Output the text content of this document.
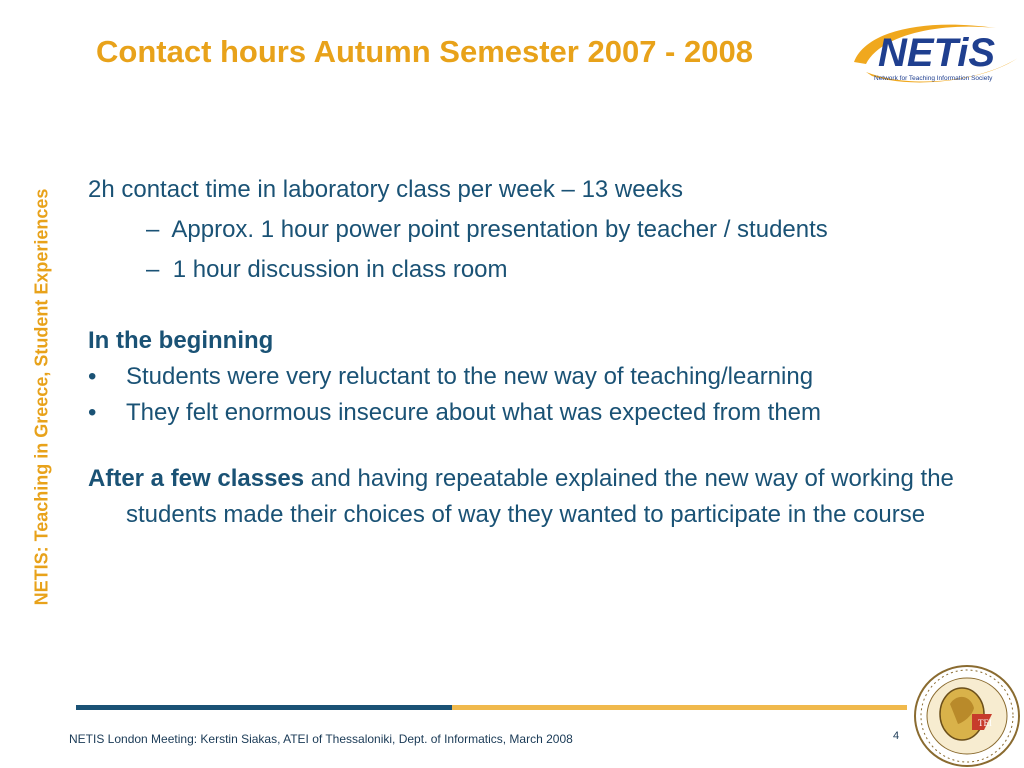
Contact hours Autumn Semester 2007 - 2008	NETiS
Network for Teaching Information Society
NETIS: Teaching in Greece, Student Experiences 2h contact time in laboratory class per week – 13 weeks
– Approx. 1 hour power point presentation by teacher / students
– 1 hour discussion in class room
In the beginning
• Students were very reluctant to the new way of teaching/learning
• They felt enormous insecure about what was expected from them
After a few classes and having repeatable explained the new way of working the students made their choices of way they wanted to participate in the course
NETIS London Meeting: Kerstin Siakas, ATEI of Thessaloniki, Dept. of Informatics, March 2008	4
TEI
